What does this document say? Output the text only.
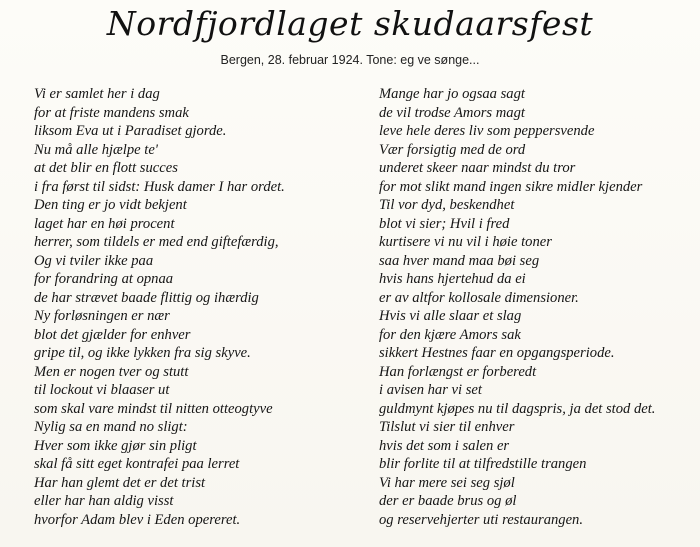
Nordfjordlaget skudaarsfest
Bergen, 28. februar 1924. Tone: eg ve sønge...
Vi er samlet her i dag
for at friste mandens smak
liksom Eva ut i Paradiset gjorde.
Nu må alle hjælpe te'
at det blir en flott succes
i fra først til sidst: Husk damer I har ordet.
Den ting er jo vidt bekjent
laget har en høi procent
herrer, som tildels er med end giftefærdig,
Og vi tviler ikke paa
for forandring at opnaa
de har strævet baade flittig og ihærdig
Ny forløsningen er nær
blot det gjælder for enhver
gripe til, og ikke lykken fra sig skyve.
Men er nogen tver og stutt
til lockout vi blaaser ut
som skal vare mindst til nitten otteogtyve
Nylig sa en mand no sligt:
Hver som ikke gjør sin pligt
skal få sitt eget kontrafei paa lerret
Har han glemt det er det trist
eller har han aldig visst
hvorfor Adam blev i Eden opereret.
Mange har jo ogsaa sagt
de vil trodse Amors magt
leve hele deres liv som peppersvende
Vær forsigtig med de ord
underet skeer naar mindst du tror
for mot slikt mand ingen sikre midler kjender
Til vor dyd, beskendhet
blot vi sier; Hvil i fred
kurtisere vi nu vil i høie toner
saa hver mand maa bøi seg
hvis hans hjertehud da ei
er av altfor kollosale dimensioner.
Hvis vi alle slaar et slag
for den kjære Amors sak
sikkert Hestnes faar en opgangsperiode.
Han forlængst er forberedt
i avisen har vi set
guldmynt kjøpes nu til dagspris, ja det stod det.
Tilslut vi sier til enhver
hvis det som i salen er
blir forlite til at tilfredstille trangen
Vi har mere sei seg sjøl
der er baade brus og øl
og reservehjerter uti restaurangen.
